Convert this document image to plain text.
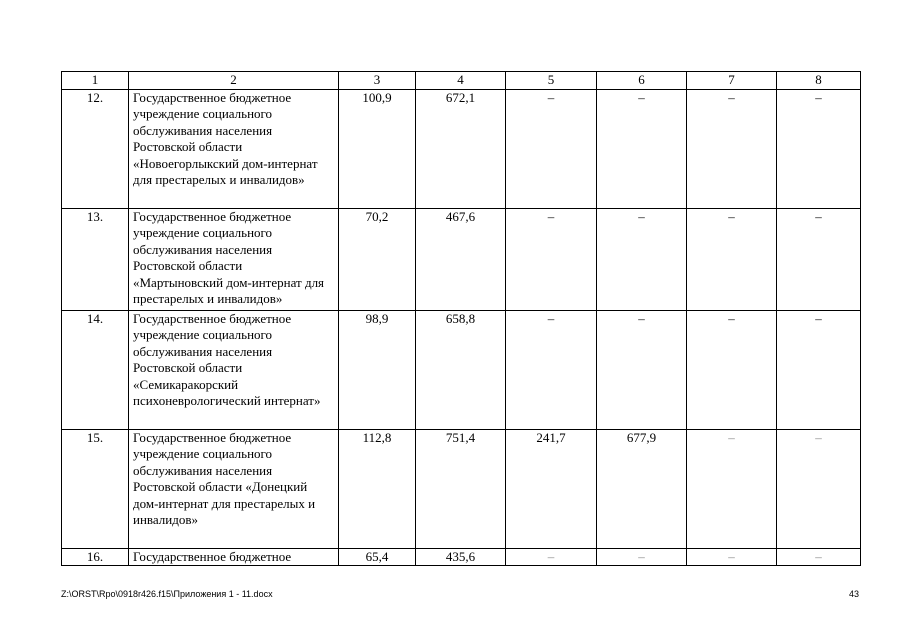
1	2	3	4	5	6	7	8
12.	Государственное бюджетное учреждение социального обслуживания населения Ростовской области «Новоегорлыкский дом-интернат для престарелых и инвалидов»	100,9	672,1	–	–	–	–
13.	Государственное бюджетное учреждение социального обслуживания населения Ростовской области «Мартыновский дом-интернат для престарелых и инвалидов»	70,2	467,6	–	–	–	–
14.	Государственное бюджетное учреждение социального обслуживания населения Ростовской области «Семикаракорский психоневрологический интернат»	98,9	658,8	–	–	–	–
15.	Государственное бюджетное учреждение социального обслуживания населения Ростовской области «Донецкий дом-интернат для престарелых и инвалидов»	112,8	751,4	241,7	677,9	–	–
16.	Государственное бюджетное	65,4	435,6	–	–	–	–
Z:\ORST\Rpo\0918r426.f15\Приложения 1 - 11.docx	43
